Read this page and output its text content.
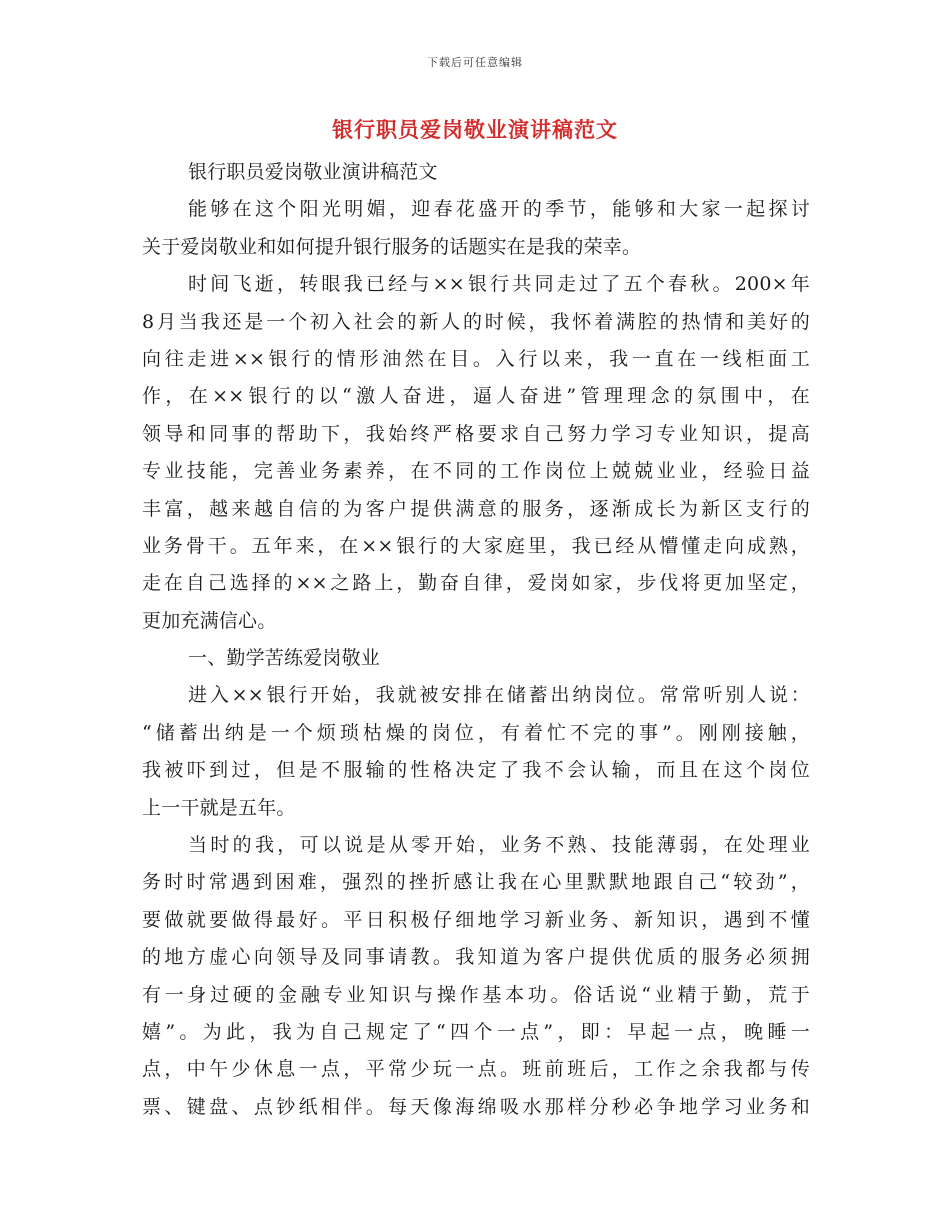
下载后可任意编辑
银行职员爱岗敬业演讲稿范文
银行职员爱岗敬业演讲稿范文
能够在这个阳光明媚，迎春花盛开的季节，能够和大家一起探讨
关于爱岗敬业和如何提升银行服务的话题实在是我的荣幸。
时间飞逝，转眼我已经与××银行共同走过了五个春秋。200×年
8月当我还是一个初入社会的新人的时候，我怀着满腔的热情和美好的
向往走进××银行的情形油然在目。入行以来，我一直在一线柜面工
作，在××银行的以“激人奋进，逼人奋进”管理理念的氛围中，在
领导和同事的帮助下，我始终严格要求自己努力学习专业知识，提高
专业技能，完善业务素养，在不同的工作岗位上兢兢业业，经验日益
丰富，越来越自信的为客户提供满意的服务，逐渐成长为新区支行的
业务骨干。五年来，在××银行的大家庭里，我已经从懵懂走向成熟，
走在自己选择的××之路上，勤奋自律，爱岗如家，步伐将更加坚定，
更加充满信心。
一、勤学苦练爱岗敬业
进入××银行开始，我就被安排在储蓄出纳岗位。常常听别人说：
“储蓄出纳是一个烦琐枯燥的岗位，有着忙不完的事”。刚刚接触，
我被吓到过，但是不服输的性格决定了我不会认输，而且在这个岗位
上一干就是五年。
当时的我，可以说是从零开始，业务不熟、技能薄弱，在处理业
务时时常遇到困难，强烈的挫折感让我在心里默默地跟自己“较劲”，
要做就要做得最好。平日积极仔细地学习新业务、新知识，遇到不懂
的地方虚心向领导及同事请教。我知道为客户提供优质的服务必须拥
有一身过硬的金融专业知识与操作基本功。俗话说“业精于勤，荒于
嬉”。为此，我为自己规定了“四个一点”，即：早起一点，晚睡一
点，中午少休息一点，平常少玩一点。班前班后，工作之余我都与传
票、键盘、点钞纸相伴。每天像海绵吸水那样分秒必争地学习业务和
